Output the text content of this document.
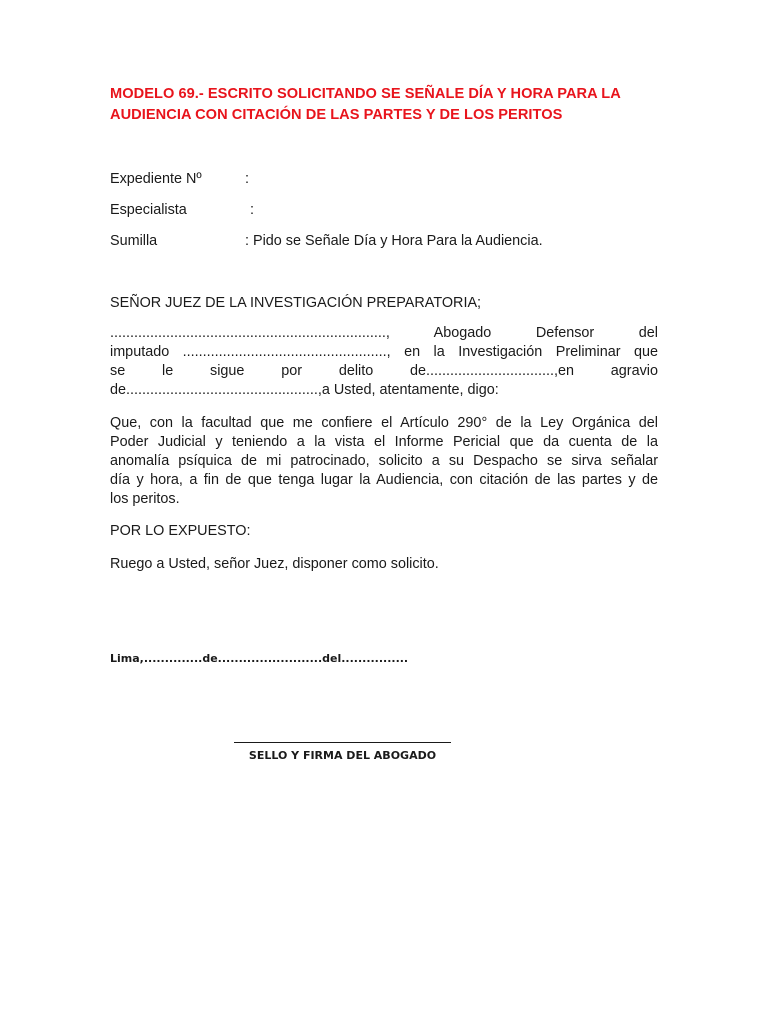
MODELO 69.- ESCRITO SOLICITANDO SE SEÑALE DÍA Y HORA PARA LA
AUDIENCIA CON CITACIÓN DE LAS PARTES Y DE LOS PERITOS
Expediente Nº	:
Especialista	:
Sumilla	: Pido se Señale Día y Hora Para la Audiencia.
SEÑOR JUEZ DE LA INVESTIGACIÓN PREPARATORIA;
....................................................................., Abogado Defensor del
imputado ..................................................., en la Investigación Preliminar que
se le sigue por delito de................................,en agravio
de................................................,a Usted, atentamente, digo:
Que, con la facultad que me confiere el Artículo 290° de la Ley Orgánica del
Poder Judicial y teniendo a la vista el Informe Pericial que da cuenta de la
anomalía psíquica de mi patrocinado, solicito a su Despacho se sirva señalar
día y hora, a fin de que tenga lugar la Audiencia, con citación de las partes y de
los peritos.
POR LO EXPUESTO:
Ruego a Usted, señor Juez, disponer como solicito.
Lima,..............de.........................del................
SELLO Y FIRMA DEL ABOGADO
